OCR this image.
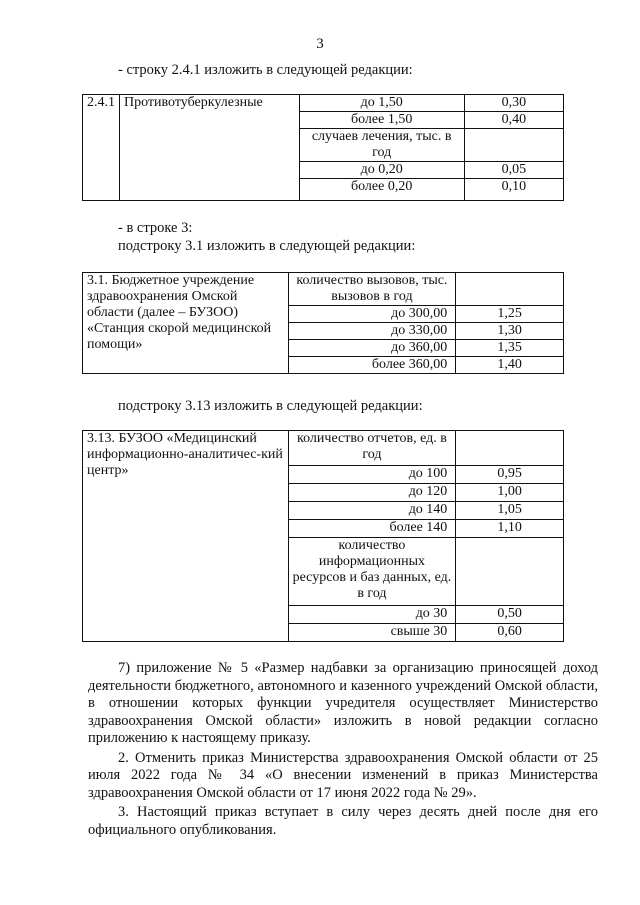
3
- строку 2.4.1 изложить в следующей редакции:
2.4.1	Противотуберкулезные	до 1,50	0,30
		более 1,50	0,40
		случаев лечения, тыс. в год	
		до 0,20	0,05
		более 0,20	0,10
- в строке 3:
подстроку 3.1 изложить в следующей редакции:
3.1. Бюджетное учреждение здравоохранения Омской области (далее – БУЗОО) «Станция скорой медицинской помощи»	количество вызовов, тыс. вызовов в год	
	до 300,00	1,25
	до 330,00	1,30
	до 360,00	1,35
	более 360,00	1,40
подстроку 3.13 изложить в следующей редакции:
3.13. БУЗОО «Медицинский информационно-аналитичес-кий центр»	количество отчетов, ед. в год	
	до 100	0,95
	до 120	1,00
	до 140	1,05
	более 140	1,10
	количество информационных ресурсов и баз данных, ед. в год	
	до 30	0,50
	свыше 30	0,60

7) приложение № 5 «Размер надбавки за организацию приносящей доход деятельности бюджетного, автономного и казенного учреждений Омской области, в отношении которых функции учредителя осуществляет Министерство здравоохранения Омской области» изложить в новой редакции согласно приложению к настоящему приказу.

2. Отменить приказ Министерства здравоохранения Омской области от 25 июля 2022 года № 34 «О внесении изменений в приказ Министерства здравоохранения Омской области от 17 июня 2022 года № 29».

3. Настоящий приказ вступает в силу через десять дней после дня его официального опубликования.
